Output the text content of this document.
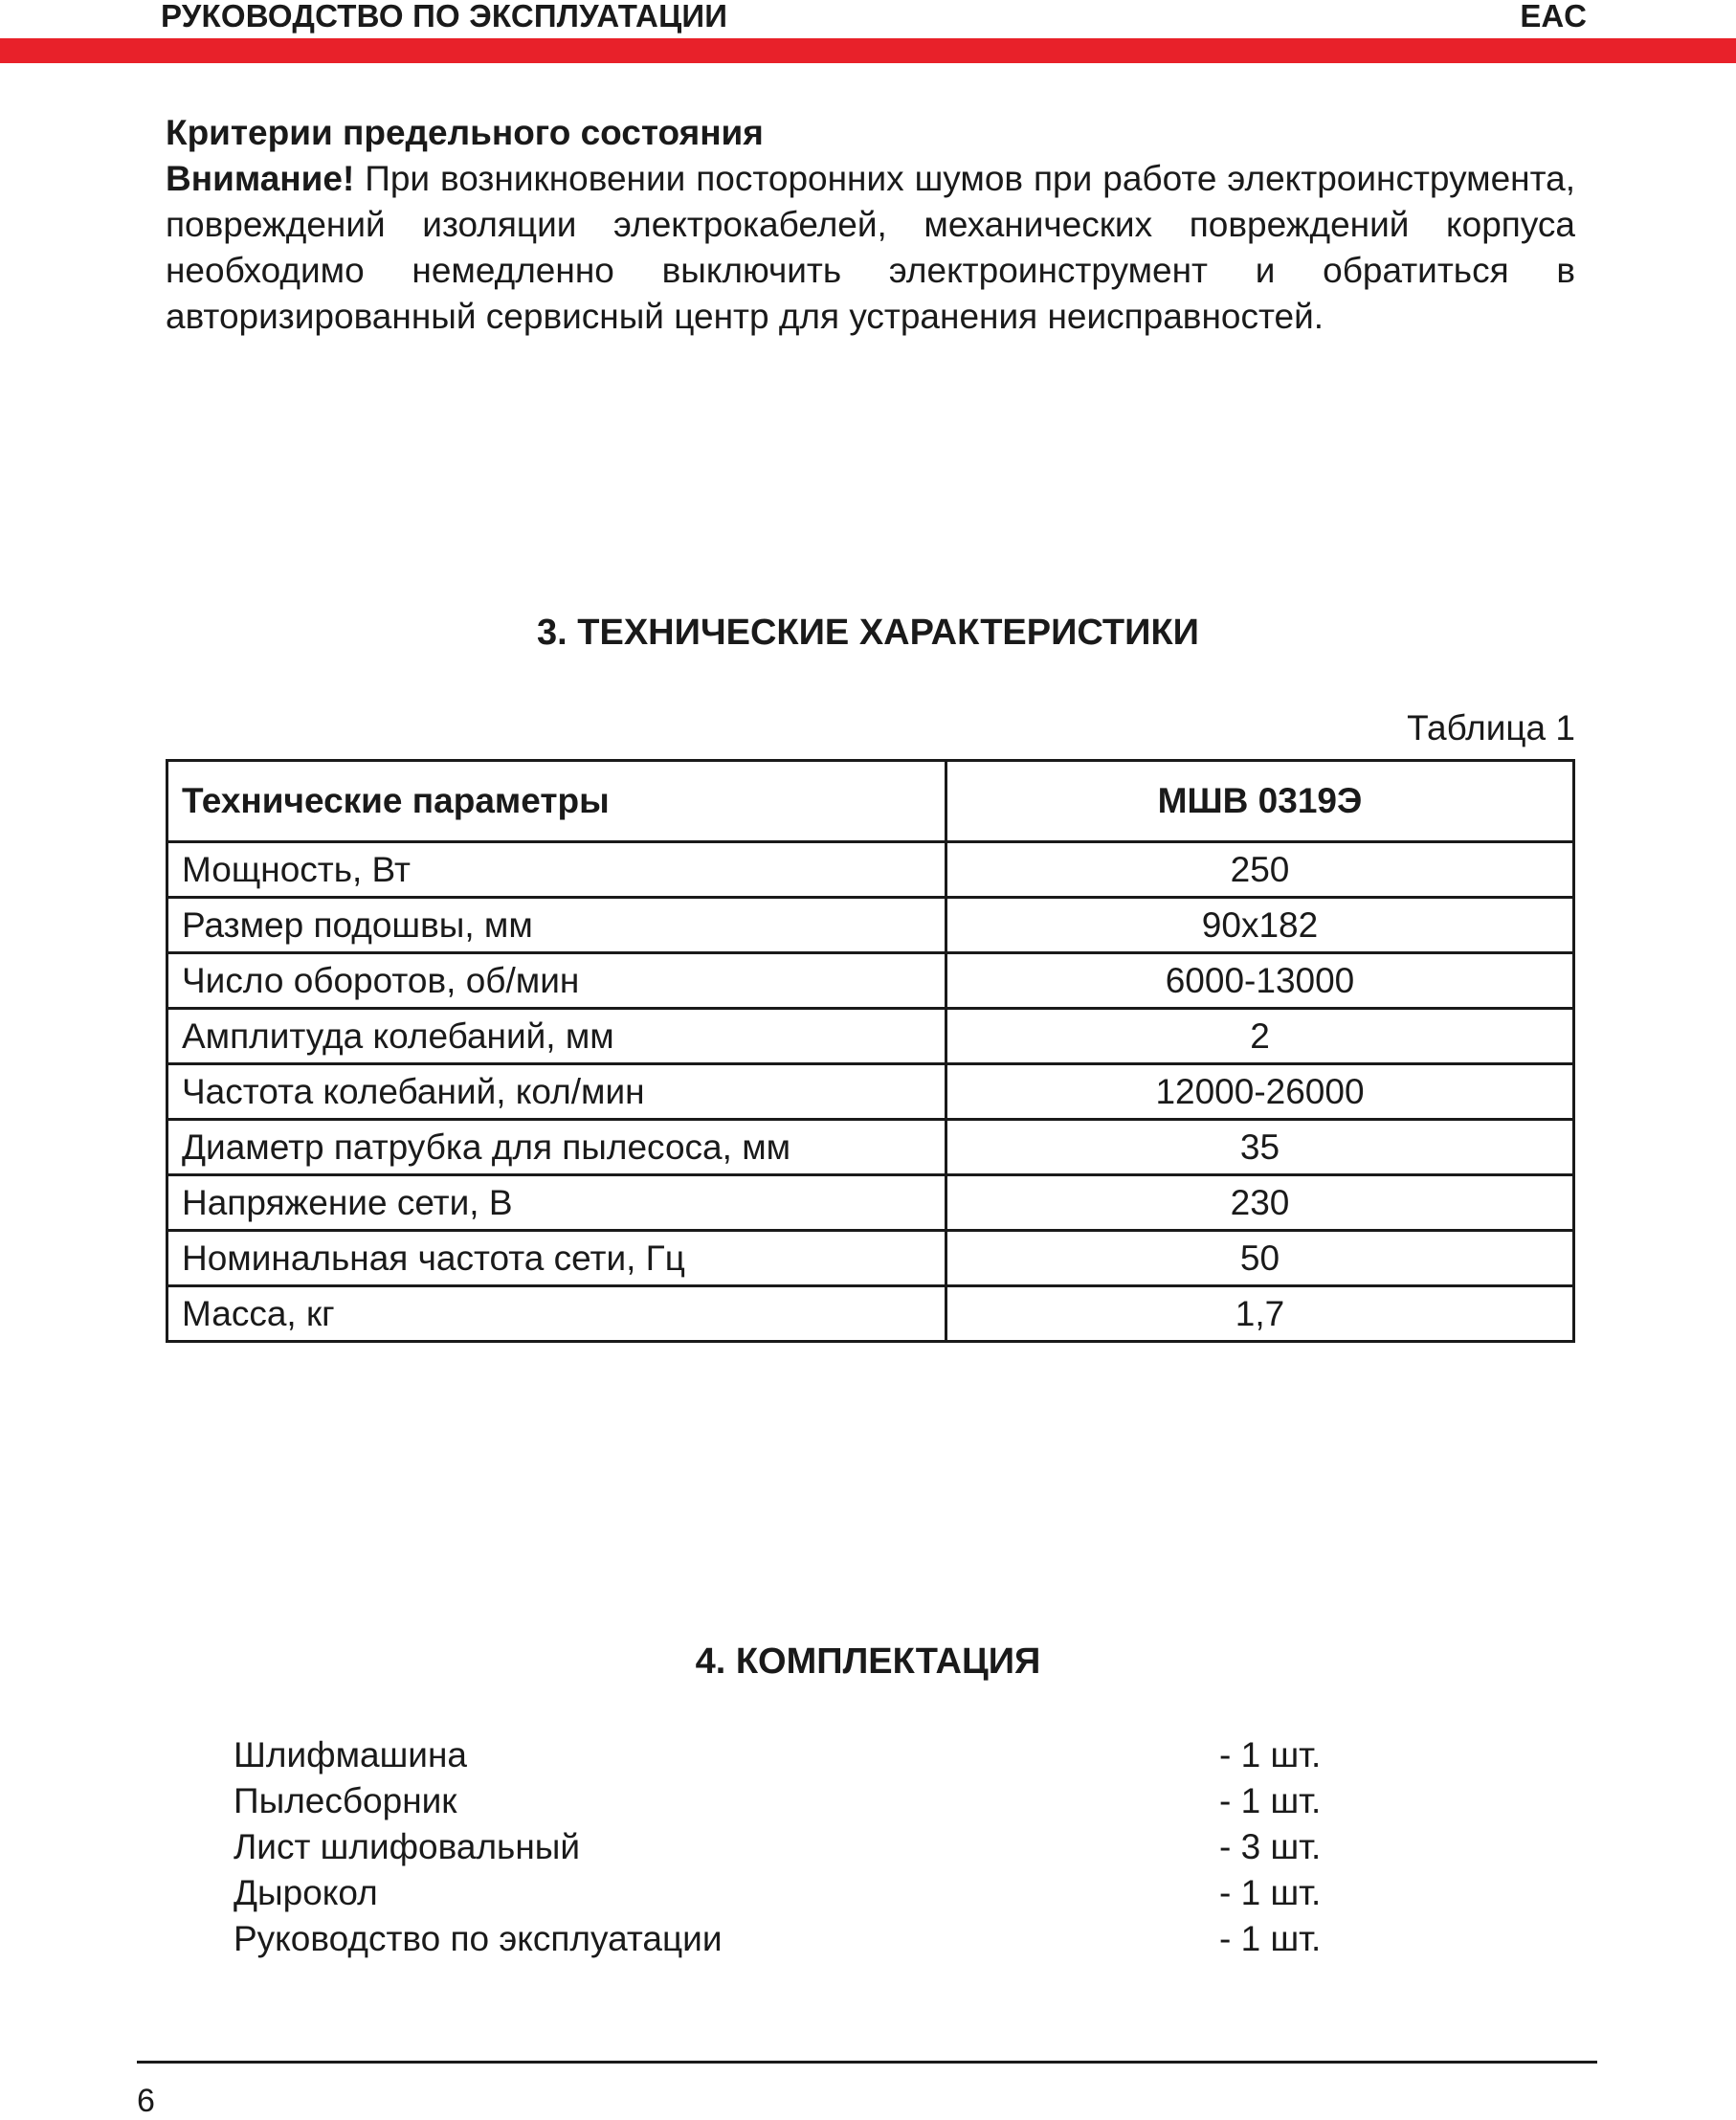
РУКОВОДСТВО ПО ЭКСПЛУАТАЦИИ	EAC
Критерии предельного состояния
Внимание! При возникновении посторонних шумов при работе электроинструмента, повреждений изоляции электрокабелей, механических повреждений корпуса необходимо немедленно выключить электроинструмент и обратиться в авторизированный сервисный центр для устранения неисправностей.
3. ТЕХНИЧЕСКИЕ ХАРАКТЕРИСТИКИ
Таблица 1
Технические параметры	МШВ 0319Э
Мощность, Вт	250
Размер подошвы, мм	90x182
Число оборотов, об/мин	6000-13000
Амплитуда колебаний, мм	2
Частота колебаний, кол/мин	12000-26000
Диаметр патрубка для пылесоса, мм	35
Напряжение сети, В	230
Номинальная частота сети, Гц	50
Масса, кг	1,7
4. КОМПЛЕКТАЦИЯ
Шлифмашина	- 1 шт.
Пылесборник	- 1 шт.
Лист шлифовальный	- 3 шт.
Дырокол	- 1 шт.
Руководство по эксплуатации	- 1 шт.
6
